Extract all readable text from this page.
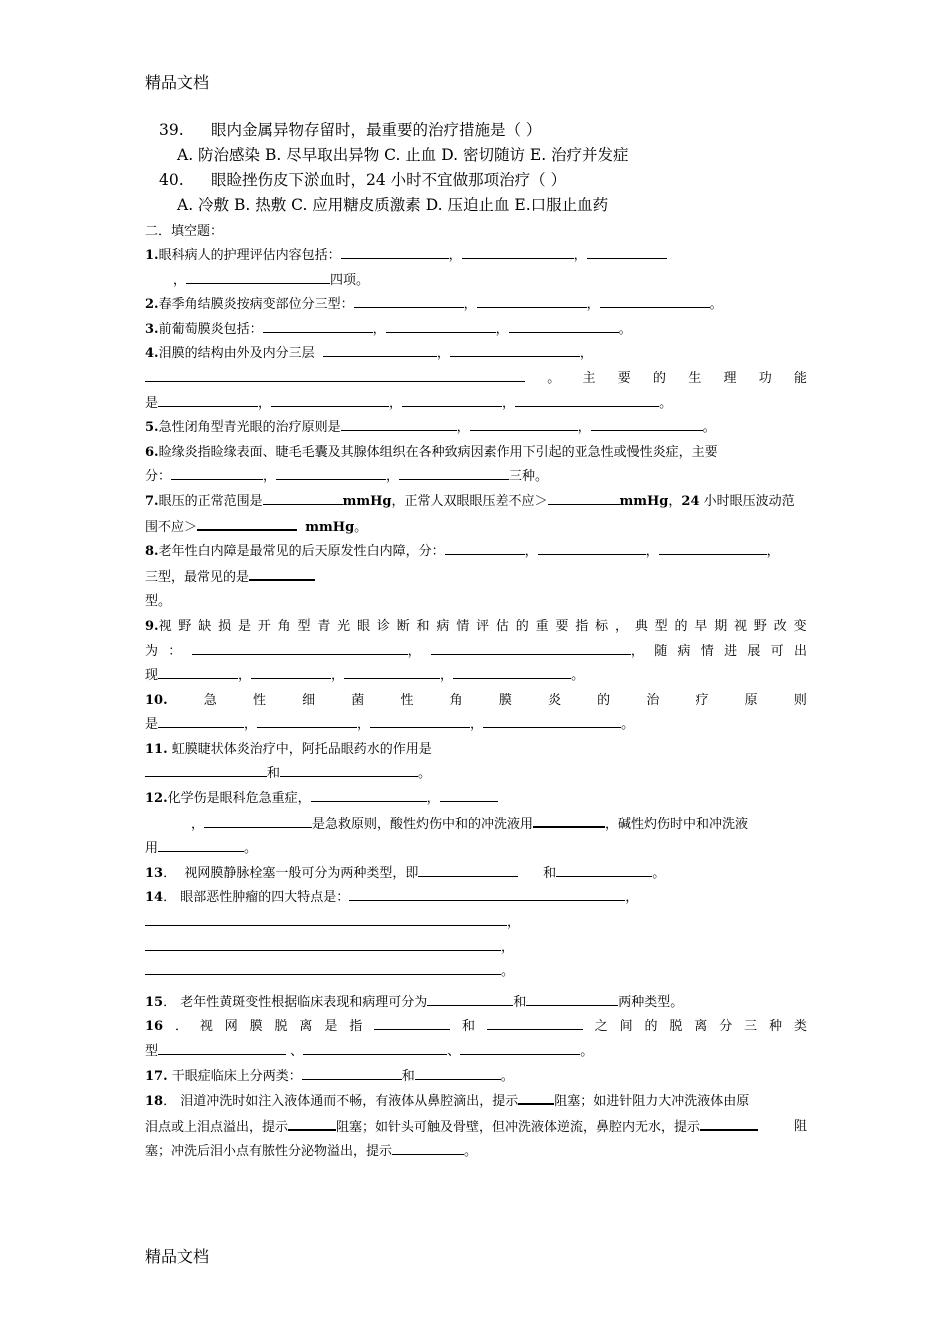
精品文档
39. 眼内金属异物存留时，最重要的治疗措施是（ ）
A. 防治感染 B. 尽早取出异物 C. 止血 D. 密切随访 E. 治疗并发症
40. 眼睑挫伤皮下淤血时，24 小时不宜做那项治疗（ ）
A. 冷敷 B. 热敷 C. 应用糖皮质激素 D. 压迫止血 E.口服止血药
二．填空题：
1.眼科病人的护理评估内容包括：	，	，
，	四项。
2.春季角结膜炎按病变部位分三型：	，	，	。
3.前葡萄膜炎包括：	，	，	。
4.泪膜的结构由外及内分三层	，	，
。 主 要 的 生 理 功 能
是	，	，	，	。
5.急性闭角型青光眼的治疗原则是	，	，	。
6.睑缘炎指睑缘表面、睫毛毛囊及其腺体组织在各种致病因素作用下引起的亚急性或慢性炎症，主要
分：	，	，	三种。
7.眼压的正常范围是	mmHg，正常人双眼眼压差不应＞	mmHg，24 小时眼压波动范
围不应＞	mmHg。
8.老年性白内障是最常见的后天原发性白内障，分：	，	，	，
三型，最常见的是
型。
9.视 野 缺 损 是 开 角 型 青 光 眼 诊 断 和 病 情 评 估 的 重 要 指 标 ， 典 型 的 早 期 视 野 改 变
为 ：	，	， 随 病 情 进 展 可 出
现	，	，	，	。
10.	急	性	细	菌	性	角	膜	炎	的	治	疗	原	则
是	，	，	，	。
11. 虹膜睫状体炎治疗中，阿托品眼药水的作用是
和	。
12.化学伤是眼科危急重症，	，
，	是急救原则，酸性灼伤中和的冲洗液用	，碱性灼伤时中和冲洗液
用	。
13．  视网膜静脉栓塞一般可分为两种类型，即	和	。
14． 眼部恶性肿瘤的四大特点是：	，
，
，
。
15． 老年性黄斑变性根据临床表现和病理可分为	和	两种类型。
16 ． 视 网 膜 脱 离 是 指	和	之 间 的 脱 离 分 三 种 类
型	、	、	。
17. 干眼症临床上分两类：	和	。
18． 泪道冲洗时如注入液体通而不畅，有液体从鼻腔滴出，提示	阻塞；如进针阻力大冲洗液体由原
泪点或上泪点溢出，提示	阻塞；如针头可触及骨壁，但冲洗液体逆流，鼻腔内无水，提示	阻
塞；冲洗后泪小点有脓性分泌物溢出，提示	。
精品文档
